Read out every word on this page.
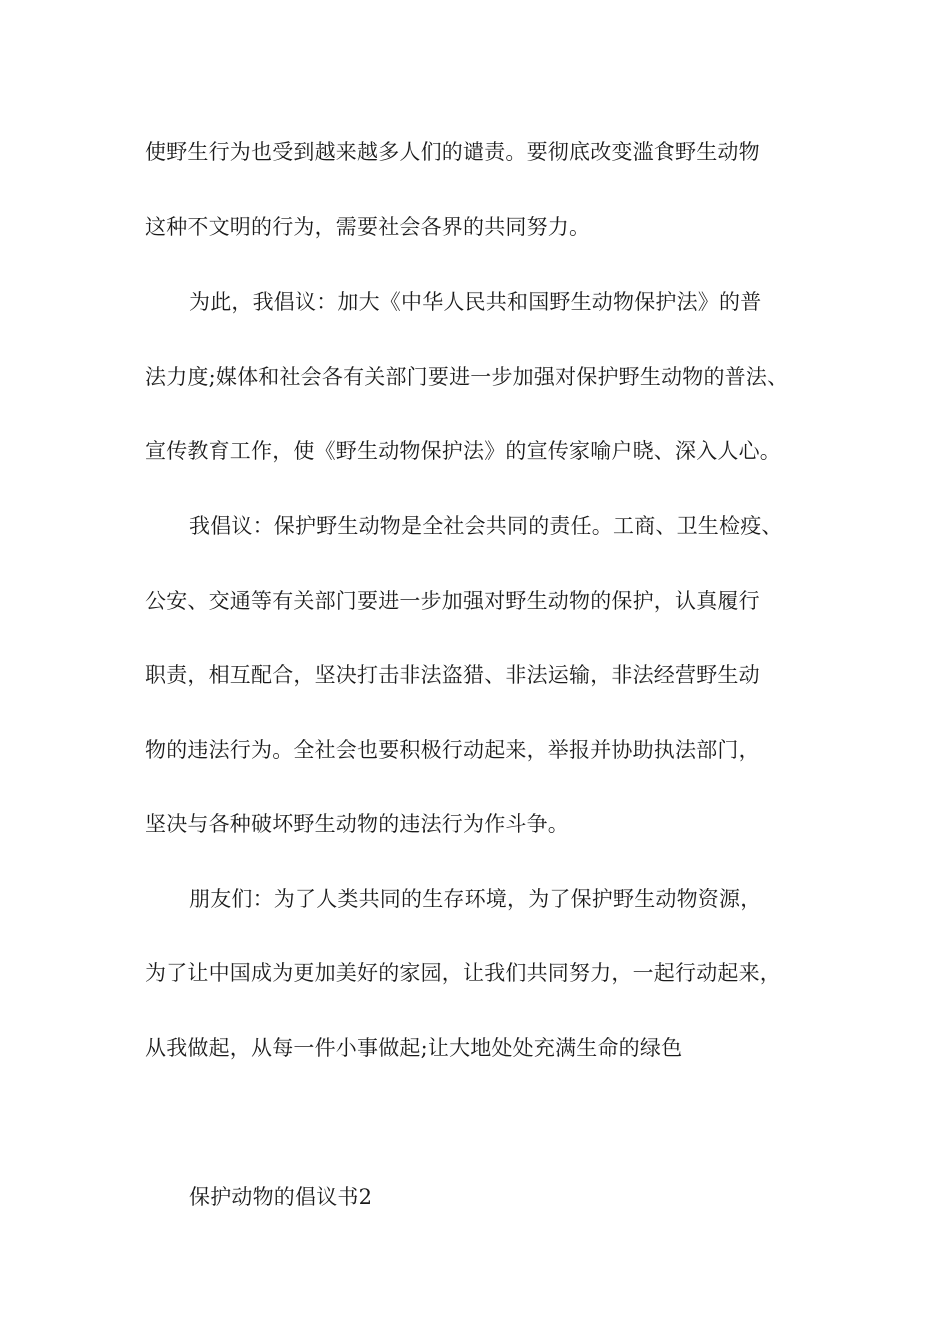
使野生行为也受到越来越多人们的谴责。要彻底改变滥食野生动物
这种不文明的行为，需要社会各界的共同努力。
为此，我倡议：加大《中华人民共和国野生动物保护法》的普
法力度;媒体和社会各有关部门要进一步加强对保护野生动物的普法、
宣传教育工作，使《野生动物保护法》的宣传家喻户晓、深入人心。
我倡议：保护野生动物是全社会共同的责任。工商、卫生检疫、
公安、交通等有关部门要进一步加强对野生动物的保护，认真履行
职责，相互配合，坚决打击非法盗猎、非法运输，非法经营野生动
物的违法行为。全社会也要积极行动起来，举报并协助执法部门，
坚决与各种破坏野生动物的违法行为作斗争。
朋友们：为了人类共同的生存环境，为了保护野生动物资源，
为了让中国成为更加美好的家园，让我们共同努力，一起行动起来，
从我做起，从每一件小事做起;让大地处处充满生命的绿色
保护动物的倡议书2
